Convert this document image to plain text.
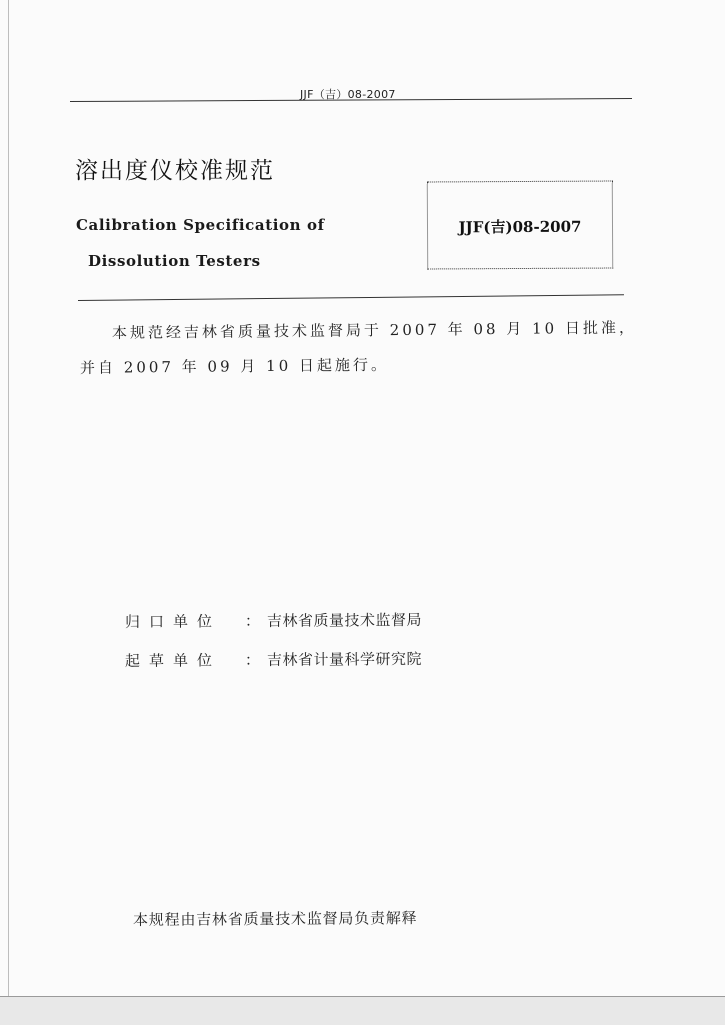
JJF（吉）08-2007
溶出度仪校准规范
Calibration Specification of
Dissolution Testers
JJF(吉)08-2007
本规范经吉林省质量技术监督局于 2007 年 08 月 10 日批准，
并自 2007 年 09 月 10 日起施行。
归口单位 ： 吉林省质量技术监督局
起草单位 ： 吉林省计量科学研究院
本规程由吉林省质量技术监督局负责解释
